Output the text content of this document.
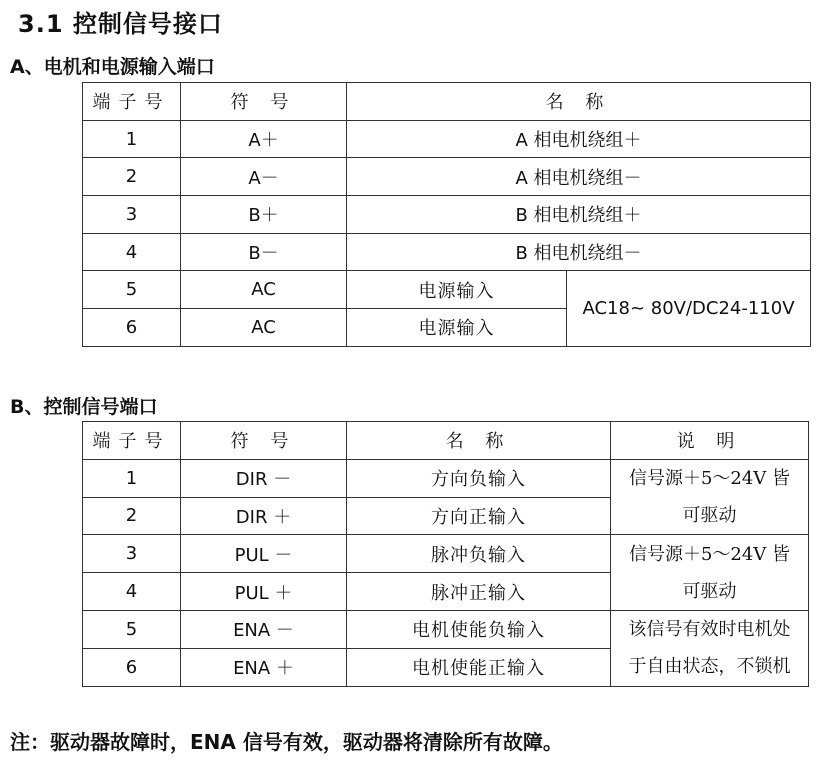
3.1 控制信号接口
A、电机和电源输入端口
端子号	符 号	名 称	
1	A＋	A 相电机绕组＋	
2	A－	A 相电机绕组－	
3	B＋	B 相电机绕组＋	
4	B－	B 相电机绕组－	
5	AC	电源输入	AC18~ 80V/DC24-110V
6	AC	电源输入	
B、控制信号端口
端子号	符 号	名 称	说 明
1	DIR －	方向负输入	信号源＋5～24V 皆
可驱动

2	DIR ＋	方向正输入	
3	PUL －	脉冲负输入	信号源＋5～24V 皆
可驱动

4	PUL ＋	脉冲正输入	
5	ENA －	电机使能负输入	该信号有效时电机处
于自由状态，不锁机

6	ENA ＋	电机使能正输入	
注：驱动器故障时，ENA 信号有效，驱动器将清除所有故障。
